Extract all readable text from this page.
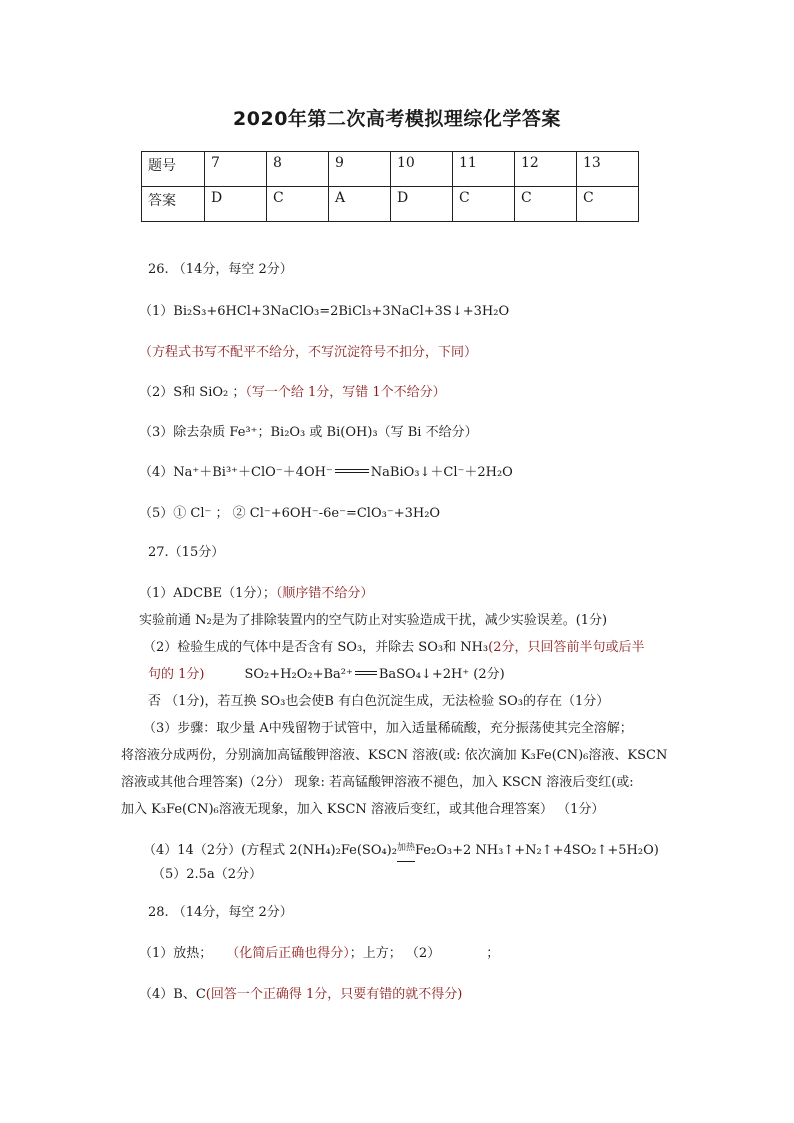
2020年第二次高考模拟理综化学答案
题号	7	8	9	10	11	12	13
答案	D	C	A	D	C	C	C
26. （14分，每空 2分）
（1）Bi₂S₃+6HCl+3NaClO₃=2BiCl₃+3NaCl+3S↓+3H₂O
（方程式书写不配平不给分，不写沉淀符号不扣分，下同）
（2）S和 SiO₂ ；（写一个给 1分，写错 1个不给分）
（3）除去杂质 Fe³⁺；Bi₂O₃ 或 Bi(OH)₃（写 Bi 不给分）
（4）Na⁺＋Bi³⁺＋ClO⁻＋4OH⁻	NaBiO₃↓＋Cl⁻＋2H₂O
（5）① Cl⁻ ； ② Cl⁻+6OH⁻-6e⁻=ClO₃⁻+3H₂O
27.（15分）
（1）ADCBE（1分）；（顺序错不给分）
实验前通 N₂是为了排除装置内的空气防止对实验造成干扰，减少实验误差。(1分)
（2）检验生成的气体中是否含有 SO₃，并除去 SO₃和 NH₃(2分，只回答前半句或后半
句的 1分)	SO₂+H₂O₂+Ba²⁺ BaSO₄↓+2H⁺ (2分)
否 （1分)，若互换 SO₃也会使B 有白色沉淀生成，无法检验 SO₃的存在（1分）
（3）步骤：取少量 A中残留物于试管中，加入适量稀硫酸，充分振荡使其完全溶解；
将溶液分成两份，分别滴加高锰酸钾溶液、KSCN 溶液(或: 依次滴加 K₃Fe(CN)₆溶液、KSCN
溶液或其他合理答案)（2分） 现象: 若高锰酸钾溶液不褪色，加入 KSCN 溶液后变红(或:
加入 K₃Fe(CN)₆溶液无现象，加入 KSCN 溶液后变红，或其他合理答案） （1分）
（4）14（2分）(方程式 2(NH₄)₂Fe(SO₄)₂加热Fe₂O₃+2 NH₃↑+N₂↑+4SO₂↑+5H₂O)
（5）2.5a（2分）
28. （14分，每空 2分）
（1）放热； （化简后正确也得分）；上方； （2）	；
（4）B、C(回答一个正确得 1分，只要有错的就不得分)
